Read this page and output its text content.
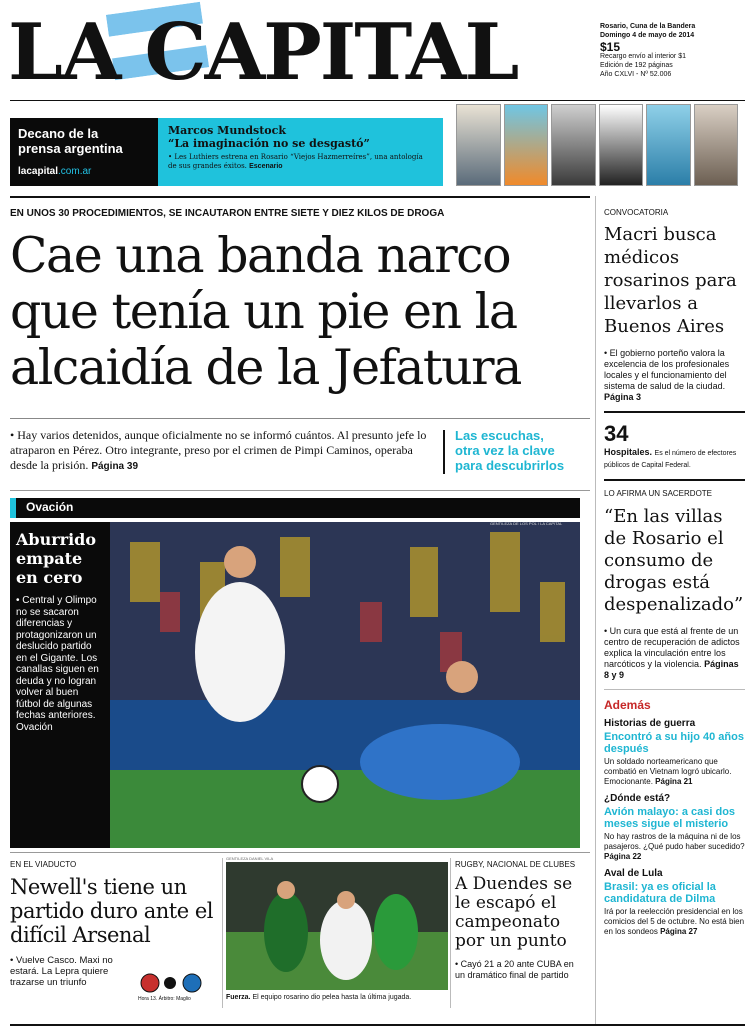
LA CAPITAL	Rosario, Cuna de la Bandera
Domingo 4 de mayo de 2014
$15
Recargo envío al interior $1
Edición de 192 páginas
Año CXLVI - Nº 52.006
Decano de la
prensa argentina
lacapital.com.ar
Marcos Mundstock
“La imaginación no se desgastó”
• Les Luthiers estrena en Rosario “Viejos Hazmerreíres”, una antología de sus grandes éxitos. Escenario
EN UNOS 30 PROCEDIMIENTOS, SE INCAUTARON ENTRE SIETE Y DIEZ KILOS DE DROGA
Cae una banda narco
que tenía un pie en la
alcaidía de la Jefatura
• Hay varios detenidos, aunque oficialmente no se informó cuántos. Al presunto jefe lo atraparon en Pérez. Otro integrante, preso por el crimen de Pimpi Caminos, operaba desde la prisión. Página 39
Las escuchas,
otra vez la clave
para descubrirlos
Ovación
Aburrido
empate
en cero
• Central y Olimpo no se sacaron diferencias y protagonizaron un deslucido partido en el Gigante. Los canallas siguen en deuda y no logran volver al buen fútbol de algunas fechas anteriores. Ovación
GENTILEZA DE LOS POL / LA CAPITAL
EN EL VIADUCTO
Newell's tiene un partido duro ante el difícil Arsenal
• Vuelve Casco. Maxi no estará. La Lepra quiere trazarse un triunfo
Hora 13. Árbitro: Maglio
GENTILEZA DANIEL VILA
Fuerza. El equipo rosarino dio pelea hasta la última jugada.
RUGBY, NACIONAL DE CLUBES
A Duendes se le escapó el campeonato por un punto
• Cayó 21 a 20 ante CUBA en un dramático final de partido
CONVOCATORIA
Macri busca médicos rosarinos para llevarlos a Buenos Aires
• El gobierno porteño valora la excelencia de los profesionales locales y el funcionamiento del sistema de salud de la ciudad. Página 3
34
Hospitales. Es el número de efectores públicos de Capital Federal.
LO AFIRMA UN SACERDOTE
“En las villas de Rosario el consumo de drogas está despenalizado”
• Un cura que está al frente de un centro de recuperación de adictos explica la vinculación entre los narcóticos y la violencia. Páginas 8 y 9
Además
Historias de guerra
Encontró a su hijo 40 años después
Un soldado norteamericano que combatió en Vietnam logró ubicarlo. Emocionante. Página 21
¿Dónde está?
Avión malayo: a casi dos meses sigue el misterio
No hay rastros de la máquina ni de los pasajeros. ¿Qué pudo haber sucedido? Página 22
Aval de Lula
Brasil: ya es oficial la candidatura de Dilma
Irá por la reelección presidencial en los comicios del 5 de octubre. No está bien en los sondeos Página 27
